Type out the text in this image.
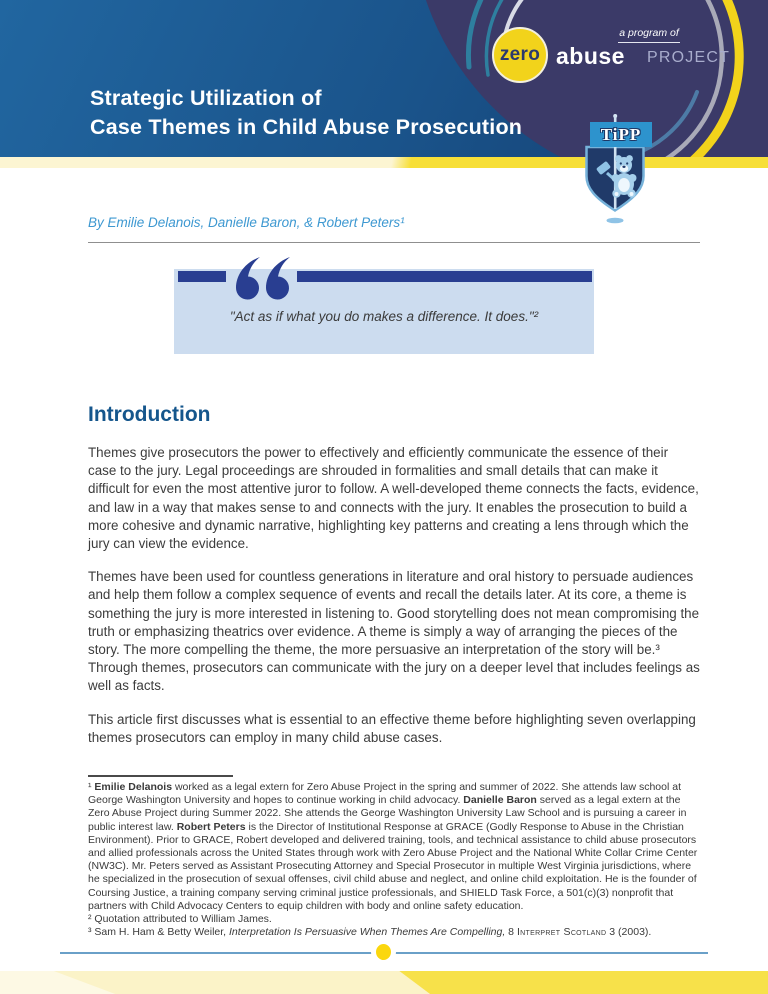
a program of
zero abuse PROJECT
Strategic Utilization of
Case Themes in Child Abuse Prosecution	TiPP

By Emilie Delanois, Danielle Baron, & Robert Peters¹

"Act as if what you do makes a difference. It does."²

Introduction

Themes give prosecutors the power to effectively and efficiently communicate the essence of their case to the jury. Legal proceedings are shrouded in formalities and small details that can make it difficult for even the most attentive juror to follow. A well-developed theme connects the facts, evidence, and law in a way that makes sense to and connects with the jury. It enables the prosecution to build a more cohesive and dynamic narrative, highlighting key patterns and creating a lens through which the jury can view the evidence.

Themes have been used for countless generations in literature and oral history to persuade audiences and help them follow a complex sequence of events and recall the details later. At its core, a theme is something the jury is more interested in listening to. Good storytelling does not mean compromising the truth or emphasizing theatrics over evidence. A theme is simply a way of arranging the pieces of the story. The more compelling the theme, the more persuasive an interpretation of the story will be.³ Through themes, prosecutors can communicate with the jury on a deeper level that includes feelings as well as facts.

This article first discusses what is essential to an effective theme before highlighting seven overlapping themes prosecutors can employ in many child abuse cases.

¹ Emilie Delanois worked as a legal extern for Zero Abuse Project in the spring and summer of 2022. She attends law school at George Washington University and hopes to continue working in child advocacy. Danielle Baron served as a legal extern at the Zero Abuse Project during Summer 2022. She attends the George Washington University Law School and is pursuing a career in public interest law. Robert Peters is the Director of Institutional Response at GRACE (Godly Response to Abuse in the Christian Environment). Prior to GRACE, Robert developed and delivered training, tools, and technical assistance to child abuse prosecutors and allied professionals across the United States through work with Zero Abuse Project and the National White Collar Crime Center (NW3C). Mr. Peters served as Assistant Prosecuting Attorney and Special Prosecutor in multiple West Virginia jurisdictions, where he specialized in the prosecution of sexual offenses, civil child abuse and neglect, and online child exploitation. He is the founder of Coursing Justice, a training company serving criminal justice professionals, and SHIELD Task Force, a 501(c)(3) nonprofit that partners with Child Advocacy Centers to equip children with body and online safety education.

² Quotation attributed to William James.

³ Sam H. Ham & Betty Weiler, Interpretation Is Persuasive When Themes Are Compelling, 8 Interpret Scotland 3 (2003).
